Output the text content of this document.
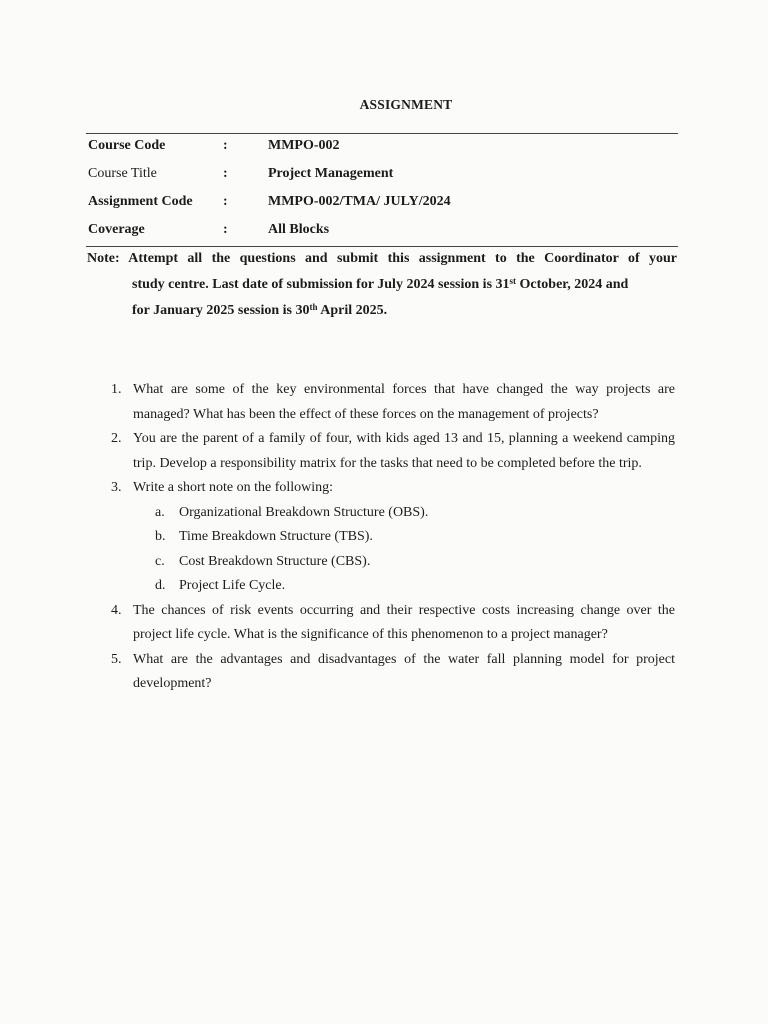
ASSIGNMENT
Course Code	:	MMPO-002
Course Title	:	Project Management
Assignment Code :	MMPO-002/TMA/ JULY/2024
Coverage	:	All Blocks
Note: Attempt all the questions and submit this assignment to the Coordinator of your
study centre. Last date of submission for July 2024 session is 31st October, 2024 and
for January 2025 session is 30th April 2025.
1. What are some of the key environmental forces that have changed the way projects are managed? What has been the effect of these forces on the management of projects?
2. You are the parent of a family of four, with kids aged 13 and 15, planning a weekend camping trip. Develop a responsibility matrix for the tasks that need to be completed before the trip.
3. Write a short note on the following:
a. Organizational Breakdown Structure (OBS).
b. Time Breakdown Structure (TBS).
c. Cost Breakdown Structure (CBS).
d. Project Life Cycle.
4. The chances of risk events occurring and their respective costs increasing change over the project life cycle. What is the significance of this phenomenon to a project manager?
5. What are the advantages and disadvantages of the water fall planning model for project development?
